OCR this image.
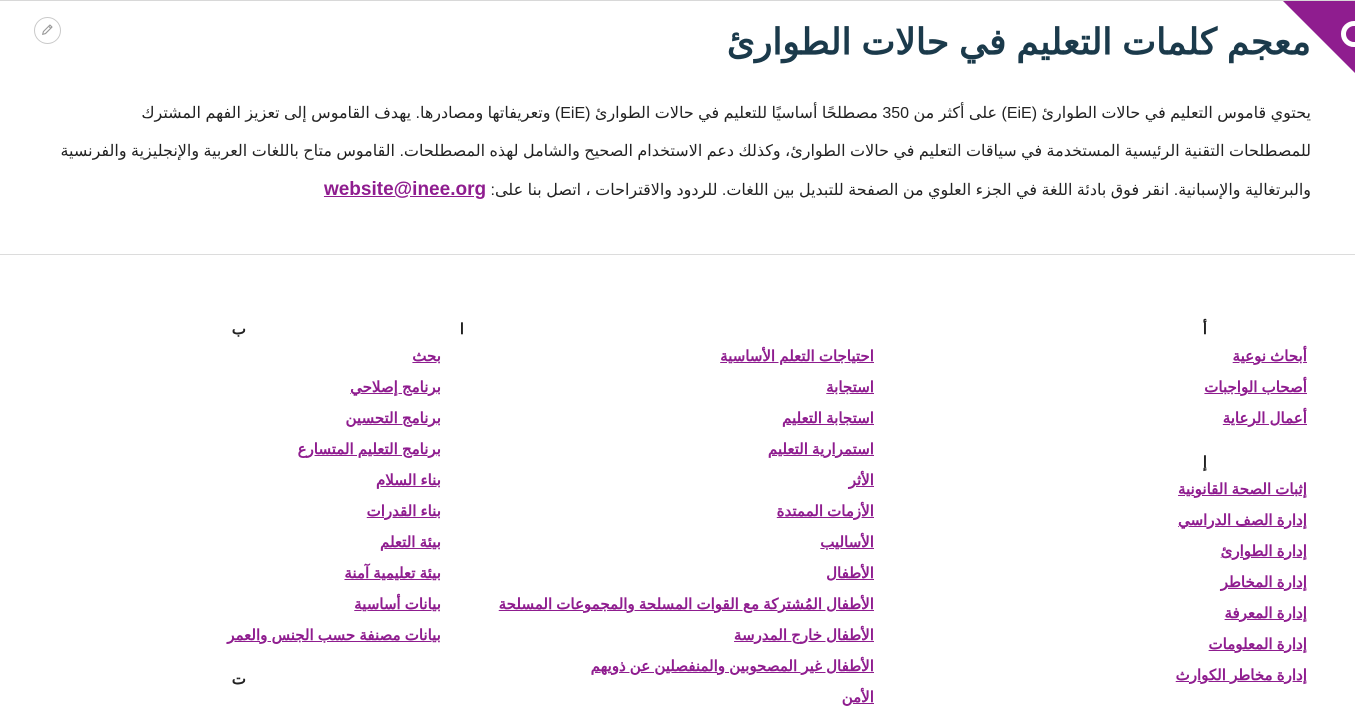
معجم كلمات التعليم في حالات الطوارئ

يحتوي قاموس التعليم في حالات الطوارئ (EiE) على أكثر من 350 مصطلحًا أساسيًا للتعليم في حالات الطوارئ (EiE) وتعريفاتها ومصادرها. يهدف القاموس إلى تعزيز الفهم المشترك للمصطلحات التقنية الرئيسية المستخدمة في سياقات التعليم في حالات الطوارئ، وكذلك دعم الاستخدام الصحيح والشامل لهذه المصطلحات. القاموس متاح باللغات العربية والإنجليزية والفرنسية والبرتغالية والإسبانية. انقر فوق بادئة اللغة في الجزء العلوي من الصفحة للتبديل بين اللغات. للردود والاقتراحات ، اتصل بنا على: website@inee.org

أ
أبحاث نوعية
أصحاب الواجبات
أعمال الرعاية
إ
إثبات الصحة القانونية
إدارة الصف الدراسي
إدارة الطوارئ
إدارة المخاطر
إدارة المعرفة
إدارة المعلومات
إدارة مخاطر الكوارث
ا
احتياجات التعلم الأساسية
استجابة
استجابة التعليم
استمرارية التعليم
الأثر
الأزمات الممتدة
الأساليب
الأطفال
الأطفال المُشتركة مع القوات المسلحة والمجموعات المسلحة
الأطفال خارج المدرسة
الأطفال غير المصحوبين والمنفصلين عن ذويهم
الأمن
ب
بحث
برنامج إصلاحي
برنامج التحسين
برنامج التعليم المتسارع
بناء السلام
بناء القدرات
بيئة التعلم
بيئة تعليمية آمنة
بيانات أساسية
بيانات مصنفة حسب الجنس والعمر
ت
